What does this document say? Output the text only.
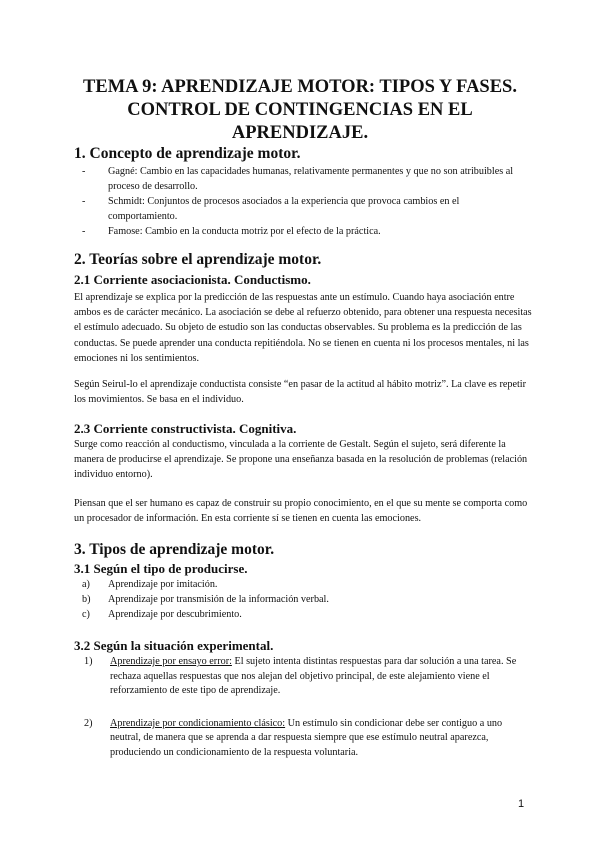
TEMA 9: APRENDIZAJE MOTOR: TIPOS Y FASES.
CONTROL DE CONTINGENCIAS EN EL
APRENDIZAJE.
1. Concepto de aprendizaje motor.
- Gagné: Cambio en las capacidades humanas, relativamente permanentes y que no son atribuibles al proceso de desarrollo.
- Schmidt: Conjuntos de procesos asociados a la experiencia que provoca cambios en el comportamiento.
- Famose: Cambio en la conducta motriz por el efecto de la práctica.
2. Teorías sobre el aprendizaje motor.
2.1 Corriente asociacionista. Conductismo.

El aprendizaje se explica por la predicción de las respuestas ante un estímulo. Cuando haya asociación entre ambos es de carácter mecánico. La asociación se debe al refuerzo obtenido, para obtener una respuesta necesitas el estímulo adecuado. Su objeto de estudio son las conductas observables. Su problema es la predicción de las conductas. Se puede aprender una conducta repitiéndola. No se tienen en cuenta ni los procesos mentales, ni las emociones ni los sentimientos.

Según Seirul-lo el aprendizaje conductista consiste “en pasar de la actitud al hábito motriz”. La clave es repetir los movimientos. Se basa en el individuo.

2.3 Corriente constructivista. Cognitiva.

Surge como reacción al conductismo, vinculada a la corriente de Gestalt. Según el sujeto, será diferente la manera de producirse el aprendizaje. Se propone una enseñanza basada en la resolución de problemas (relación individuo entorno).

Piensan que el ser humano es capaz de construir su propio conocimiento, en el que su mente se comporta como un procesador de información. En esta corriente sí se tienen en cuenta las emociones.

3. Tipos de aprendizaje motor.
3.1 Según el tipo de producirse.
a) Aprendizaje por imitación.
b) Aprendizaje por transmisión de la información verbal.
c) Aprendizaje por descubrimiento.
3.2 Según la situación experimental.
1) Aprendizaje por ensayo error: El sujeto intenta distintas respuestas para dar solución a una tarea. Se rechaza aquellas respuestas que nos alejan del objetivo principal, de este alejamiento viene el reforzamiento de este tipo de aprendizaje.
2) Aprendizaje por condicionamiento clásico: Un estímulo sin condicionar debe ser contiguo a uno neutral, de manera que se aprenda a dar respuesta siempre que ese estímulo neutral aparezca, produciendo un condicionamiento de la respuesta voluntaria.
1
